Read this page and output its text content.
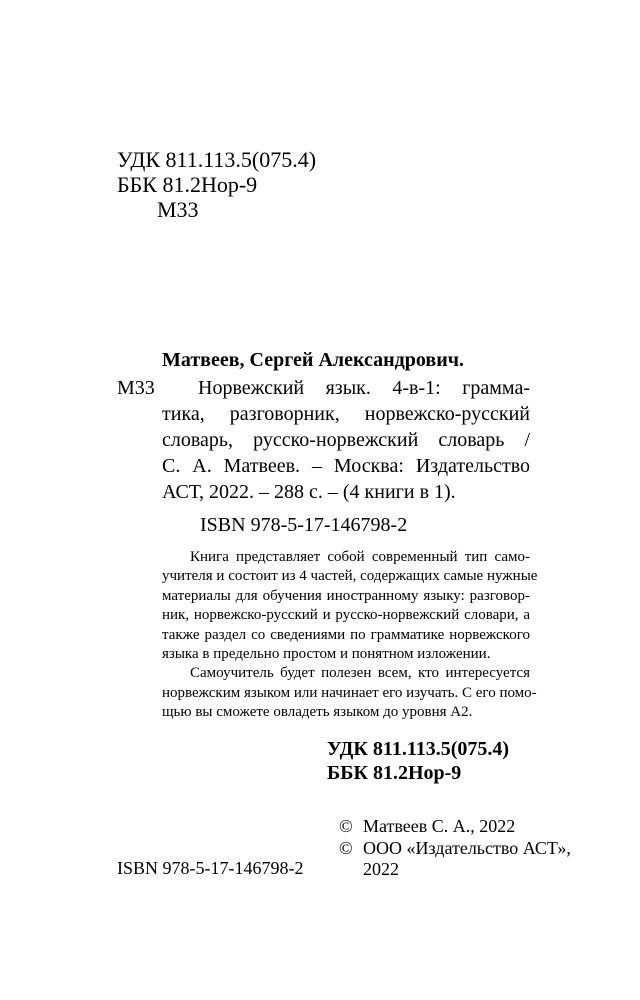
УДК 811.113.5(075.4)
ББК 81.2Нор-9
М33
Матвеев, Сергей Александрович.
М33	Норвежский язык. 4-в-1: грамма-
тика, разговорник, норвежско-русский
словарь, русско-норвежский словарь /
С. А. Матвеев. – Москва: Издательство
АСТ, 2022. – 288 с. – (4 книги в 1).
ISBN 978-5-17-146798-2
Книга представляет собой современный тип само-
учителя и состоит из 4 частей, содержащих самые нужные
материалы для обучения иностранному языку: разговор-
ник, норвежско-русский и русско-норвежский словари, а
также раздел со сведениями по грамматике норвежского
языка в предельно простом и понятном изложении.
Самоучитель будет полезен всем, кто интересуется
норвежским языком или начинает его изучать. С его помо-
щью вы сможете овладеть языком до уровня А2.
УДК 811.113.5(075.4)
ББК 81.2Нор-9
ISBN 978-5-17-146798-2
© Матвеев С. А., 2022
© ООО «Издательство АСТ»,
2022
